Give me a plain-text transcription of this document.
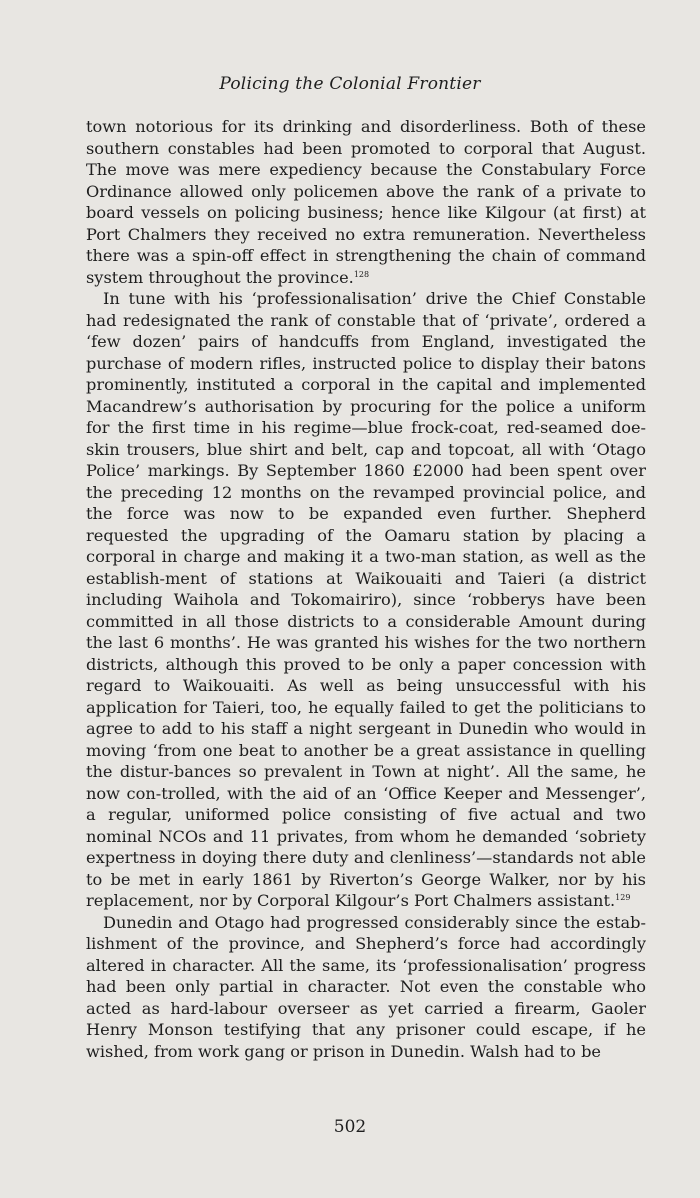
Policing the Colonial Frontier

town notorious for its drinking and disorderliness. Both of these southern constables had been promoted to corporal that August. The move was mere expediency because the Constabulary Force Ordinance allowed only policemen above the rank of a private to board vessels on policing business; hence like Kilgour (at first) at Port Chalmers they received no extra remuneration. Nevertheless there was a spin-off effect in strengthening the chain of command system throughout the province.$^{128}$

In tune with his ‘professionalisation’ drive the Chief Constable had redesignated the rank of constable that of ‘private’, ordered a ‘few dozen’ pairs of handcuffs from England, investigated the purchase of modern rifles, instructed police to display their batons prominently, instituted a corporal in the capital and implemented Macandrew’s authorisation by procuring for the police a uniform for the first time in his regime—blue frock-coat, red-seamed doe-skin trousers, blue shirt and belt, cap and topcoat, all with ‘Otago Police’ markings. By September 1860 £2000 had been spent over the preceding 12 months on the revamped provincial police, and the force was now to be expanded even further. Shepherd requested the upgrading of the Oamaru station by placing a corporal in charge and making it a two-man station, as well as the establish-ment of stations at Waikouaiti and Taieri (a district including Waihola and Tokomairiro), since ‘robberys have been committed in all those districts to a considerable Amount during the last 6 months’. He was granted his wishes for the two northern districts, although this proved to be only a paper concession with regard to Waikouaiti. As well as being unsuccessful with his application for Taieri, too, he equally failed to get the politicians to agree to add to his staff a night sergeant in Dunedin who would in moving ‘from one beat to another be a great assistance in quelling the distur-bances so prevalent in Town at night’. All the same, he now con-trolled, with the aid of an ‘Office Keeper and Messenger’, a regular, uniformed police consisting of five actual and two nominal NCOs and 11 privates, from whom he demanded ‘sobriety expertness in doying there duty and clenliness’—standards not able to be met in early 1861 by Riverton’s George Walker, nor by his replacement, nor by Corporal Kilgour’s Port Chalmers assistant.$^{129}$

Dunedin and Otago had progressed considerably since the estab-lishment of the province, and Shepherd’s force had accordingly altered in character. All the same, its ‘professionalisation’ progress had been only partial in character. Not even the constable who acted as hard-labour overseer as yet carried a firearm, Gaoler Henry Monson testifying that any prisoner could escape, if he wished, from work gang or prison in Dunedin. Walsh had to be

502
